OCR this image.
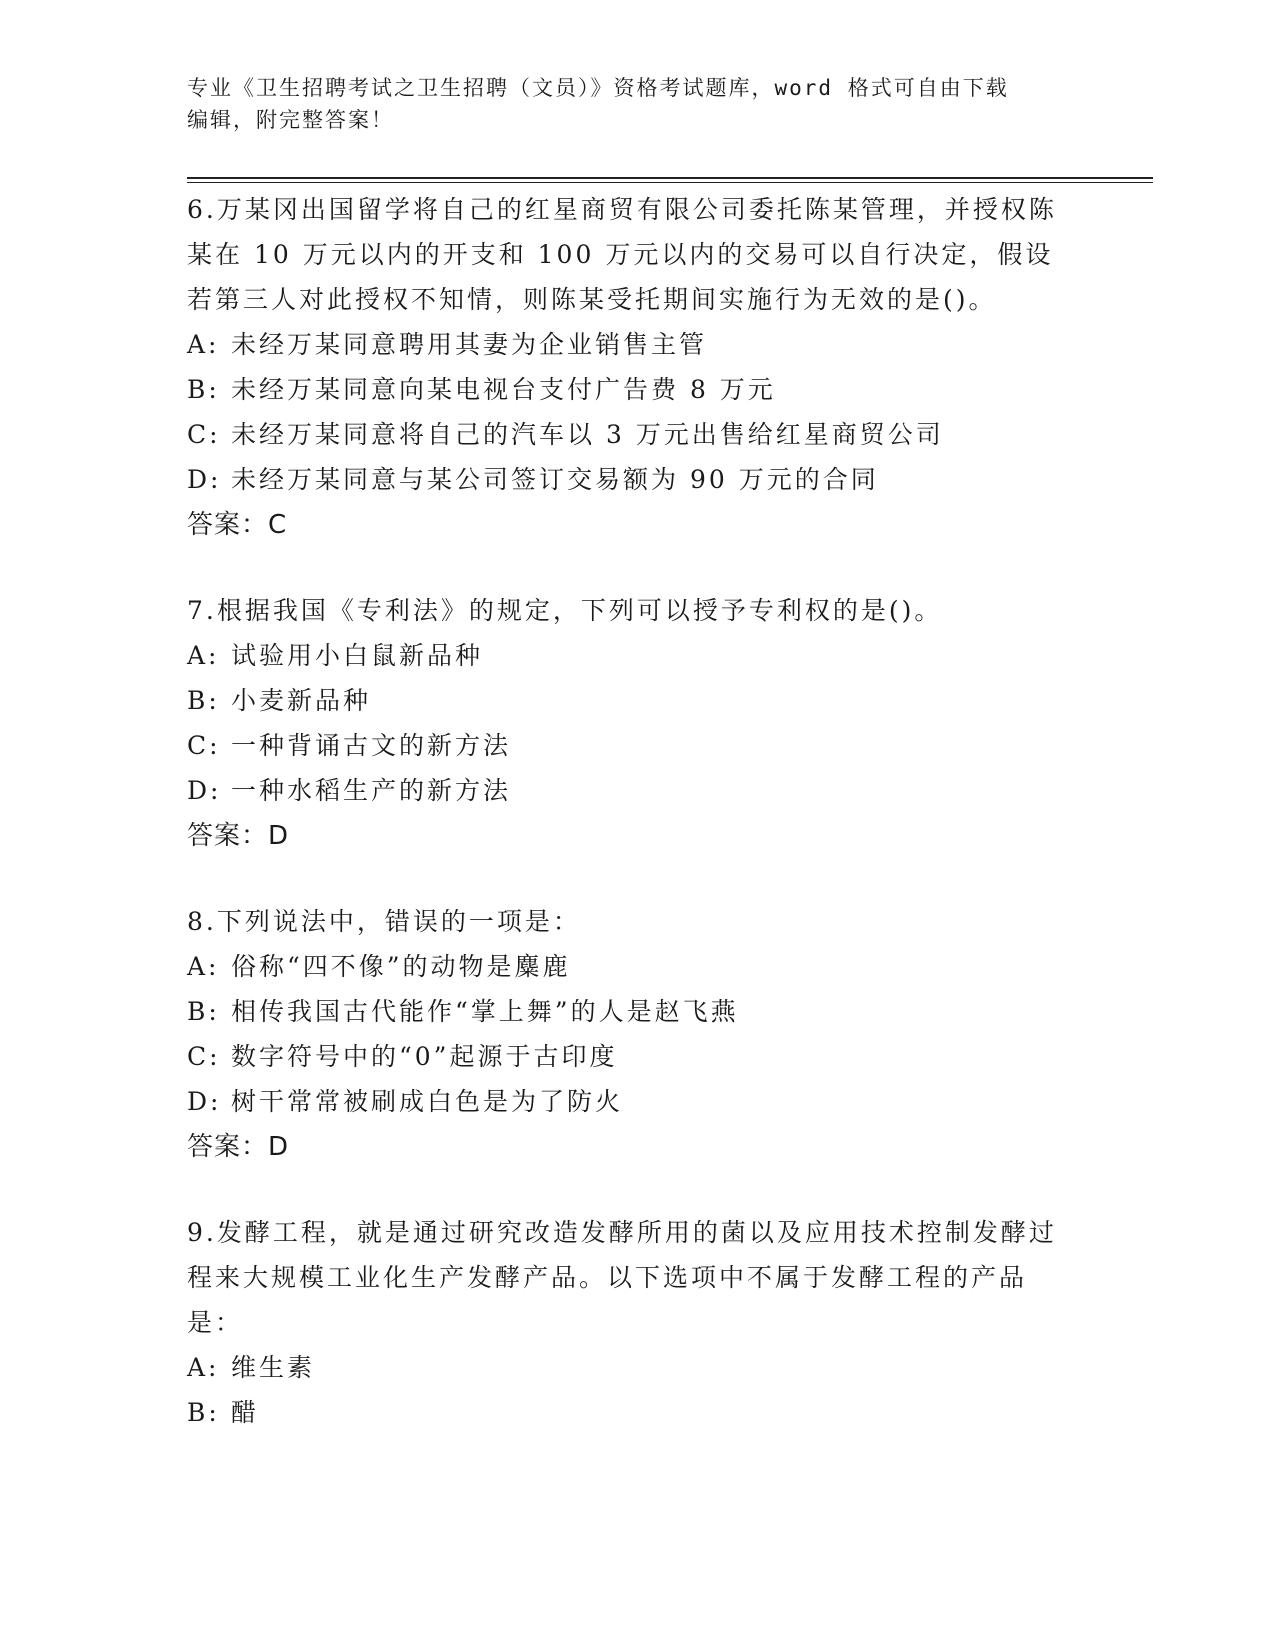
专业《卫生招聘考试之卫生招聘（文员）》资格考试题库，word 格式可自由下载
编辑，附完整答案！

6.万某冈出国留学将自己的红星商贸有限公司委托陈某管理，并授权陈某在 10 万元以内的开支和 100 万元以内的交易可以自行决定，假设若第三人对此授权不知情，则陈某受托期间实施行为无效的是()。

A: 未经万某同意聘用其妻为企业销售主管

B: 未经万某同意向某电视台支付广告费 8 万元

C: 未经万某同意将自己的汽车以 3 万元出售给红星商贸公司

D: 未经万某同意与某公司签订交易额为 90 万元的合同

答案：C

7.根据我国《专利法》的规定，下列可以授予专利权的是()。

A: 试验用小白鼠新品种

B: 小麦新品种

C: 一种背诵古文的新方法

D: 一种水稻生产的新方法

答案：D

8.下列说法中，错误的一项是：

A: 俗称“四不像”的动物是麋鹿

B: 相传我国古代能作“掌上舞”的人是赵飞燕

C: 数字符号中的“0”起源于古印度

D: 树干常常被刷成白色是为了防火

答案：D

9.发酵工程，就是通过研究改造发酵所用的菌以及应用技术控制发酵过程来大规模工业化生产发酵产品。以下选项中不属于发酵工程的产品是：

A: 维生素

B: 醋
